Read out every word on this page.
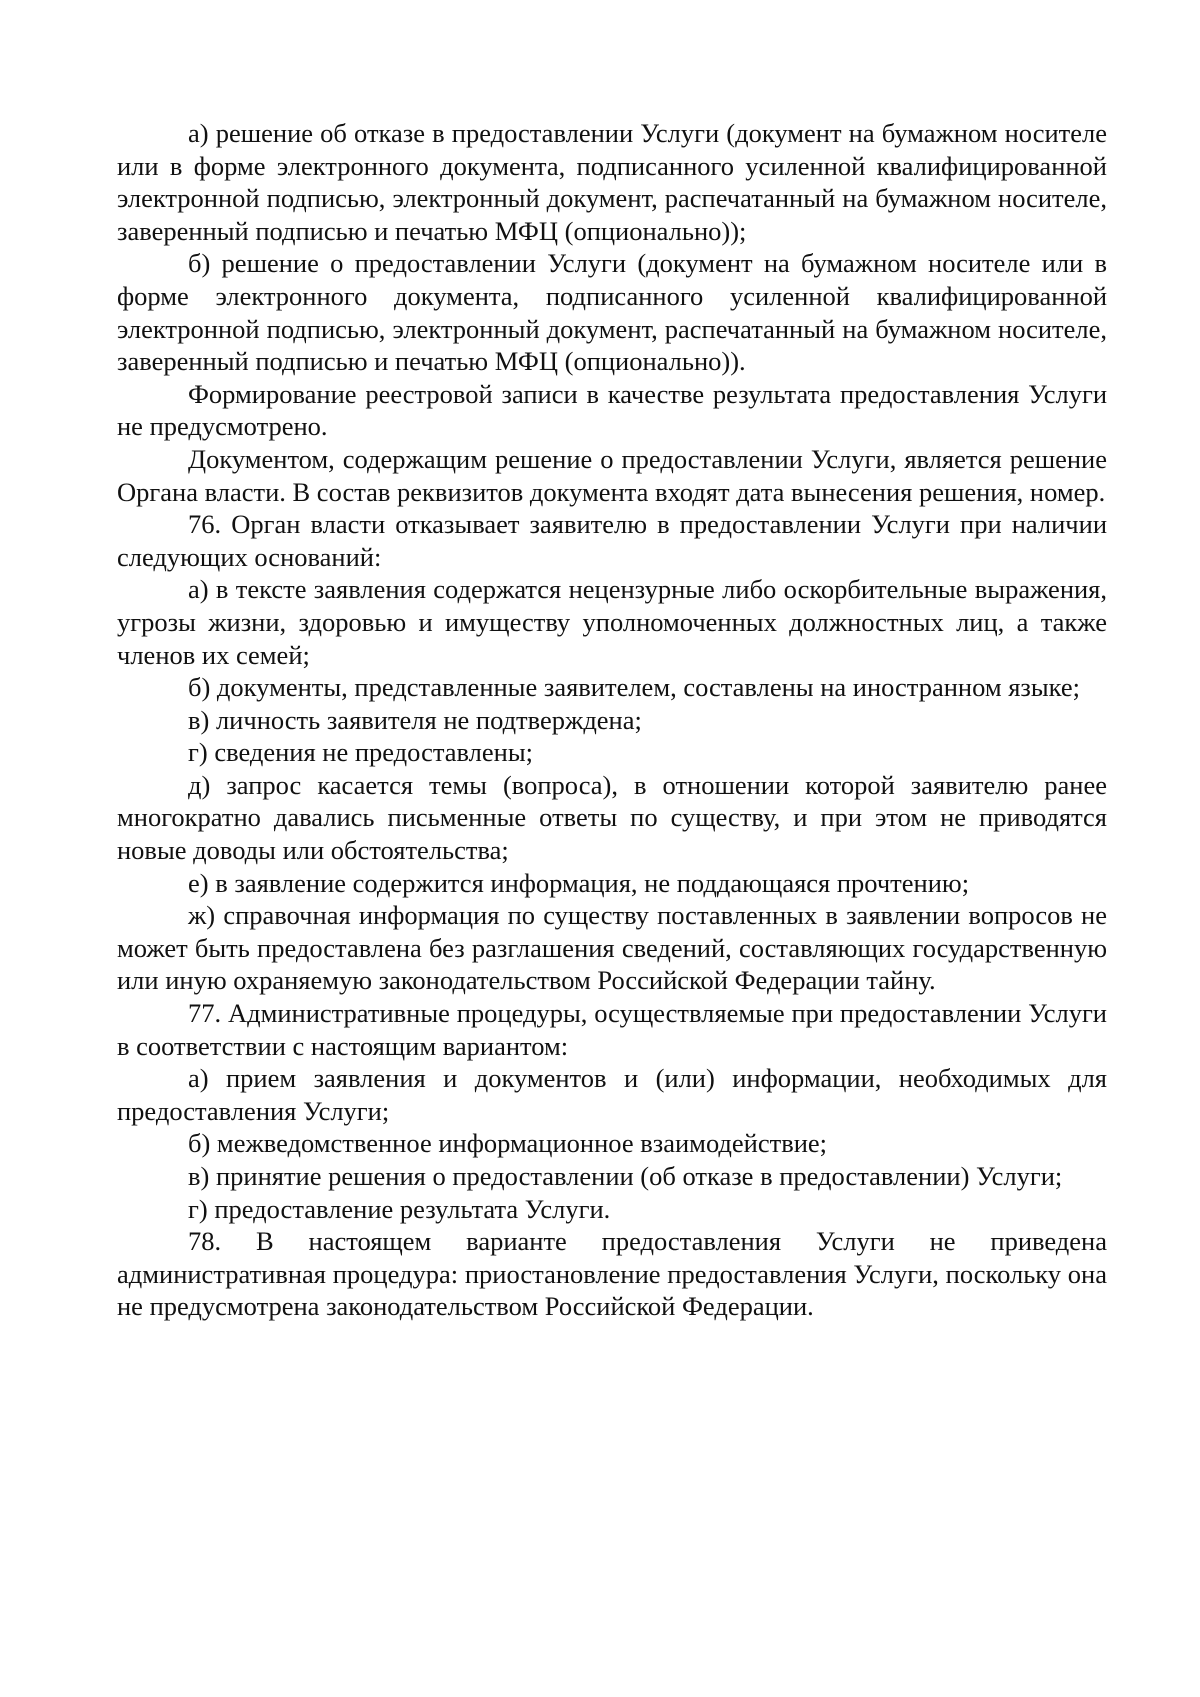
а) решение об отказе в предоставлении Услуги (документ на бумажном носителе или в форме электронного документа, подписанного усиленной квалифицированной электронной подписью, электронный документ, распечатанный на бумажном носителе, заверенный подписью и печатью МФЦ (опционально));

б) решение о предоставлении Услуги (документ на бумажном носителе или в форме электронного документа, подписанного усиленной квалифицированной электронной подписью, электронный документ, распечатанный на бумажном носителе, заверенный подписью и печатью МФЦ (опционально)).

Формирование реестровой записи в качестве результата предоставления Услуги не предусмотрено.

Документом, содержащим решение о предоставлении Услуги, является решение Органа власти. В состав реквизитов документа входят дата вынесения решения, номер.

76. Орган власти отказывает заявителю в предоставлении Услуги при наличии следующих оснований:

а) в тексте заявления содержатся нецензурные либо оскорбительные выражения, угрозы жизни, здоровью и имуществу уполномоченных должностных лиц, а также членов их семей;

б) документы, представленные заявителем, составлены на иностранном языке;

в) личность заявителя не подтверждена;

г) сведения не предоставлены;

д) запрос касается темы (вопроса), в отношении которой заявителю ранее многократно давались письменные ответы по существу, и при этом не приводятся новые доводы или обстоятельства;

е) в заявление содержится информация, не поддающаяся прочтению;

ж) справочная информация по существу поставленных в заявлении вопросов не может быть предоставлена без разглашения сведений, составляющих государственную или иную охраняемую законодательством Российской Федерации тайну.

77. Административные процедуры, осуществляемые при предоставлении Услуги в соответствии с настоящим вариантом:

а) прием заявления и документов и (или) информации, необходимых для предоставления Услуги;

б) межведомственное информационное взаимодействие;

в) принятие решения о предоставлении (об отказе в предоставлении) Услуги;

г) предоставление результата Услуги.

78. В настоящем варианте предоставления Услуги не приведена административная процедура: приостановление предоставления Услуги, поскольку она не предусмотрена законодательством Российской Федерации.
